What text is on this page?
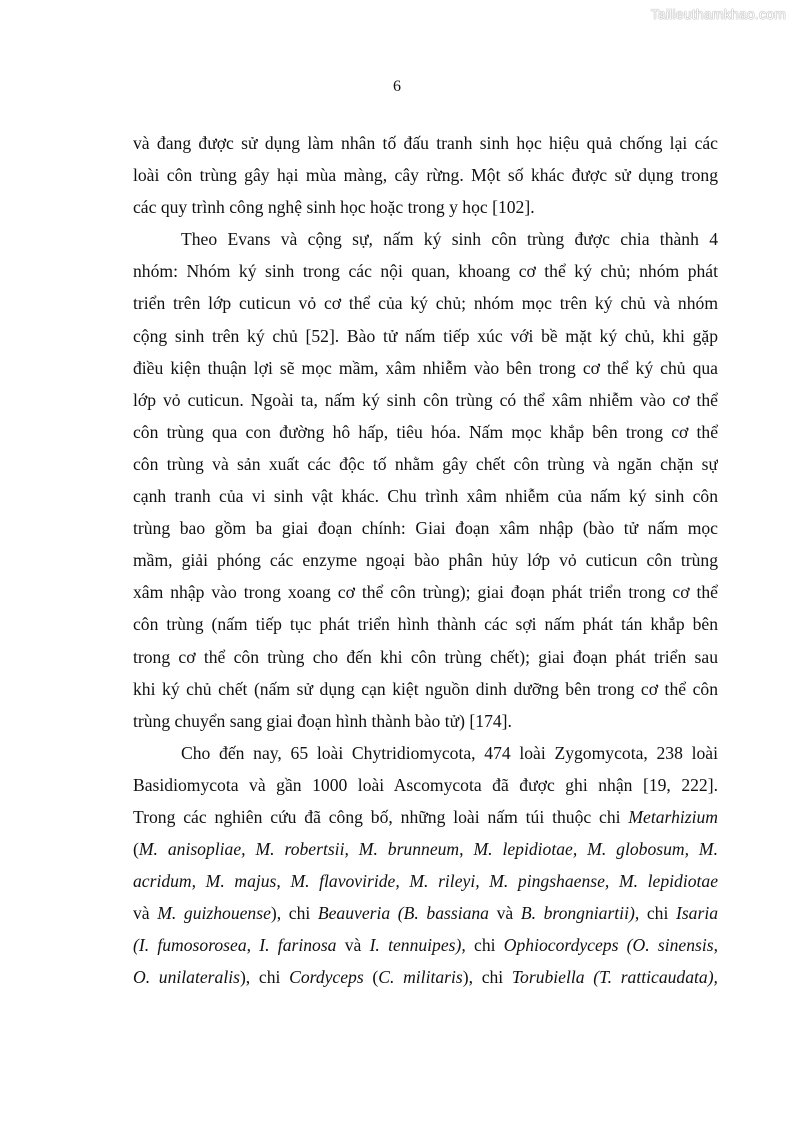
Tailieuthamkhao.com
6
và đang được sử dụng làm nhân tố đấu tranh sinh học hiệu quả chống lại các
loài côn trùng gây hại mùa màng, cây rừng. Một số khác được sử dụng trong
các quy trình công nghệ sinh học hoặc trong y học [102].
Theo Evans và cộng sự, nấm ký sinh côn trùng được chia thành 4
nhóm: Nhóm ký sinh trong các nội quan, khoang cơ thể ký chủ; nhóm phát
triển trên lớp cuticun vỏ cơ thể của ký chủ; nhóm mọc trên ký chủ và nhóm
cộng sinh trên ký chủ [52]. Bào tử nấm tiếp xúc với bề mặt ký chủ, khi gặp
điều kiện thuận lợi sẽ mọc mầm, xâm nhiễm vào bên trong cơ thể ký chủ qua
lớp vỏ cuticun. Ngoài ta, nấm ký sinh côn trùng có thể xâm nhiễm vào cơ thể
côn trùng qua con đường hô hấp, tiêu hóa. Nấm mọc khắp bên trong cơ thể
côn trùng và sản xuất các độc tố nhằm gây chết côn trùng và ngăn chặn sự
cạnh tranh của vi sinh vật khác. Chu trình xâm nhiễm của nấm ký sinh côn
trùng bao gồm ba giai đoạn chính: Giai đoạn xâm nhập (bào tử nấm mọc
mầm, giải phóng các enzyme ngoại bào phân hủy lớp vỏ cuticun côn trùng
xâm nhập vào trong xoang cơ thể côn trùng); giai đoạn phát triển trong cơ thể
côn trùng (nấm tiếp tục phát triển hình thành các sợi nấm phát tán khắp bên
trong cơ thể côn trùng cho đến khi côn trùng chết); giai đoạn phát triển sau
khi ký chủ chết (nấm sử dụng cạn kiệt nguồn dinh dưỡng bên trong cơ thể côn
trùng chuyển sang giai đoạn hình thành bào tử) [174].
Cho đến nay, 65 loài Chytridiomycota, 474 loài Zygomycota, 238 loài
Basidiomycota và gần 1000 loài Ascomycota đã được ghi nhận [19, 222].
Trong các nghiên cứu đã công bố, những loài nấm túi thuộc chi Metarhizium
(M. anisopliae, M. robertsii, M. brunneum, M. lepidiotae, M. globosum, M.
acridum, M. majus, M. flavoviride, M. rileyi, M. pingshaense, M. lepidiotae
và M. guizhouense), chi Beauveria (B. bassiana và B. brongniartii), chi Isaria
(I. fumosorosea, I. farinosa và I. tennuipes), chi Ophiocordyceps (O. sinensis,
O. unilateralis), chi Cordyceps (C. militaris), chi Torubiella (T. ratticaudata),
